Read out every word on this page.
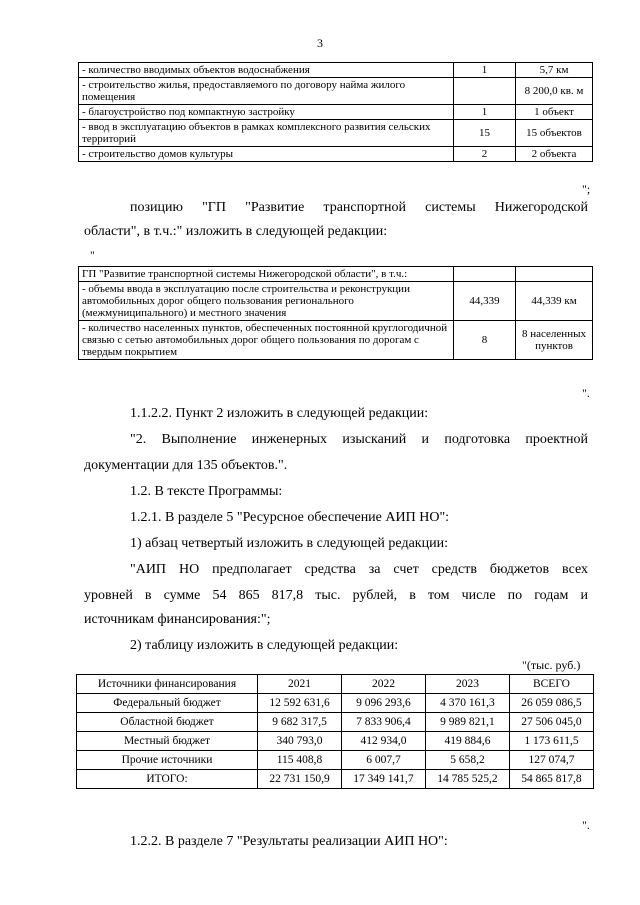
3
- количество вводимых объектов водоснабжения	1	5,7 км
- строительство жилья, предоставляемого по договору найма жилого помещения		8 200,0 кв. м
- благоустройство под компактную застройку	1	1 объект
- ввод в эксплуатацию объектов в рамках комплексного развития сельских территорий	15	15 объектов
- строительство домов культуры	2	2 объекта
";
позицию "ГП "Развитие транспортной системы Нижегородской
области", в т.ч.:" изложить в следующей редакции:
"
ГП "Развитие транспортной системы Нижегородской области", в т.ч.:		
- объемы ввода в эксплуатацию после строительства и реконструкции автомобильных дорог общего пользования регионального (межмуниципального) и местного значения	44,339	44,339 км
- количество населенных пунктов, обеспеченных постоянной круглогодичной связью с сетью автомобильных дорог общего пользования по дорогам с твердым покрытием	8	8 населенных пунктов
".
1.1.2.2. Пункт 2 изложить в следующей редакции:
"2. Выполнение инженерных изысканий и подготовка проектной
документации для 135 объектов.".
1.2. В тексте Программы:
1.2.1. В разделе 5 "Ресурсное обеспечение АИП НО":
1) абзац четвертый изложить в следующей редакции:
"АИП НО предполагает средства за счет средств бюджетов всех
уровней в сумме 54 865 817,8 тыс. рублей, в том числе по годам и
источникам финансирования:";
2) таблицу изложить в следующей редакции:
"(тыс. руб.)
Источники финансирования	2021	2022	2023	ВСЕГО
Федеральный бюджет	12 592 631,6	9 096 293,6	4 370 161,3	26 059 086,5
Областной бюджет	9 682 317,5	7 833 906,4	9 989 821,1	27 506 045,0
Местный бюджет	340 793,0	412 934,0	419 884,6	1 173 611,5
Прочие источники	115 408,8	6 007,7	5 658,2	127 074,7
ИТОГО:	22 731 150,9	17 349 141,7	14 785 525,2	54 865 817,8
".
1.2.2. В разделе 7 "Результаты реализации АИП НО":
